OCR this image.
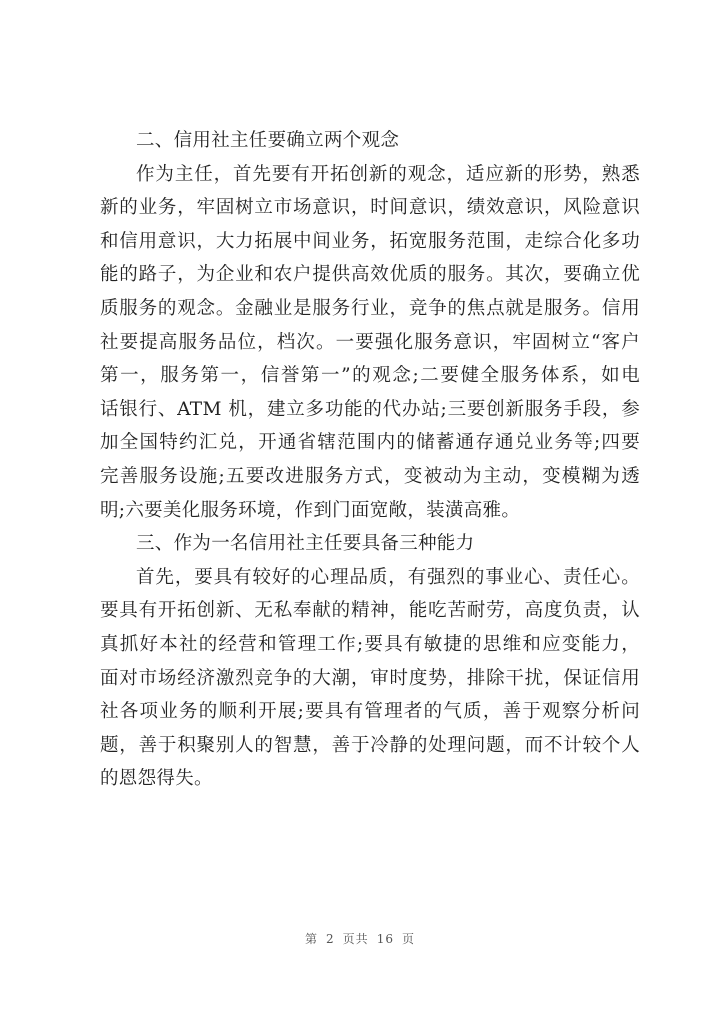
二、信用社主任要确立两个观念
作为主任，首先要有开拓创新的观念，适应新的形势，熟悉
新的业务，牢固树立市场意识，时间意识，绩效意识，风险意识
和信用意识，大力拓展中间业务，拓宽服务范围，走综合化多功
能的路子，为企业和农户提供高效优质的服务。其次，要确立优
质服务的观念。金融业是服务行业，竞争的焦点就是服务。信用
社要提高服务品位，档次。一要强化服务意识，牢固树立“客户
第一，服务第一，信誉第一”的观念;二要健全服务体系，如电
话银行、ATM 机，建立多功能的代办站;三要创新服务手段，参
加全国特约汇兑，开通省辖范围内的储蓄通存通兑业务等;四要
完善服务设施;五要改进服务方式，变被动为主动，变模糊为透
明;六要美化服务环境，作到门面宽敞，装潢高雅。
三、作为一名信用社主任要具备三种能力
首先，要具有较好的心理品质，有强烈的事业心、责任心。
要具有开拓创新、无私奉献的精神，能吃苦耐劳，高度负责，认
真抓好本社的经营和管理工作;要具有敏捷的思维和应变能力，
面对市场经济激烈竞争的大潮，审时度势，排除干扰，保证信用
社各项业务的顺利开展;要具有管理者的气质，善于观察分析问
题，善于积聚别人的智慧，善于冷静的处理问题，而不计较个人
的恩怨得失。
第 2 页共 16 页
